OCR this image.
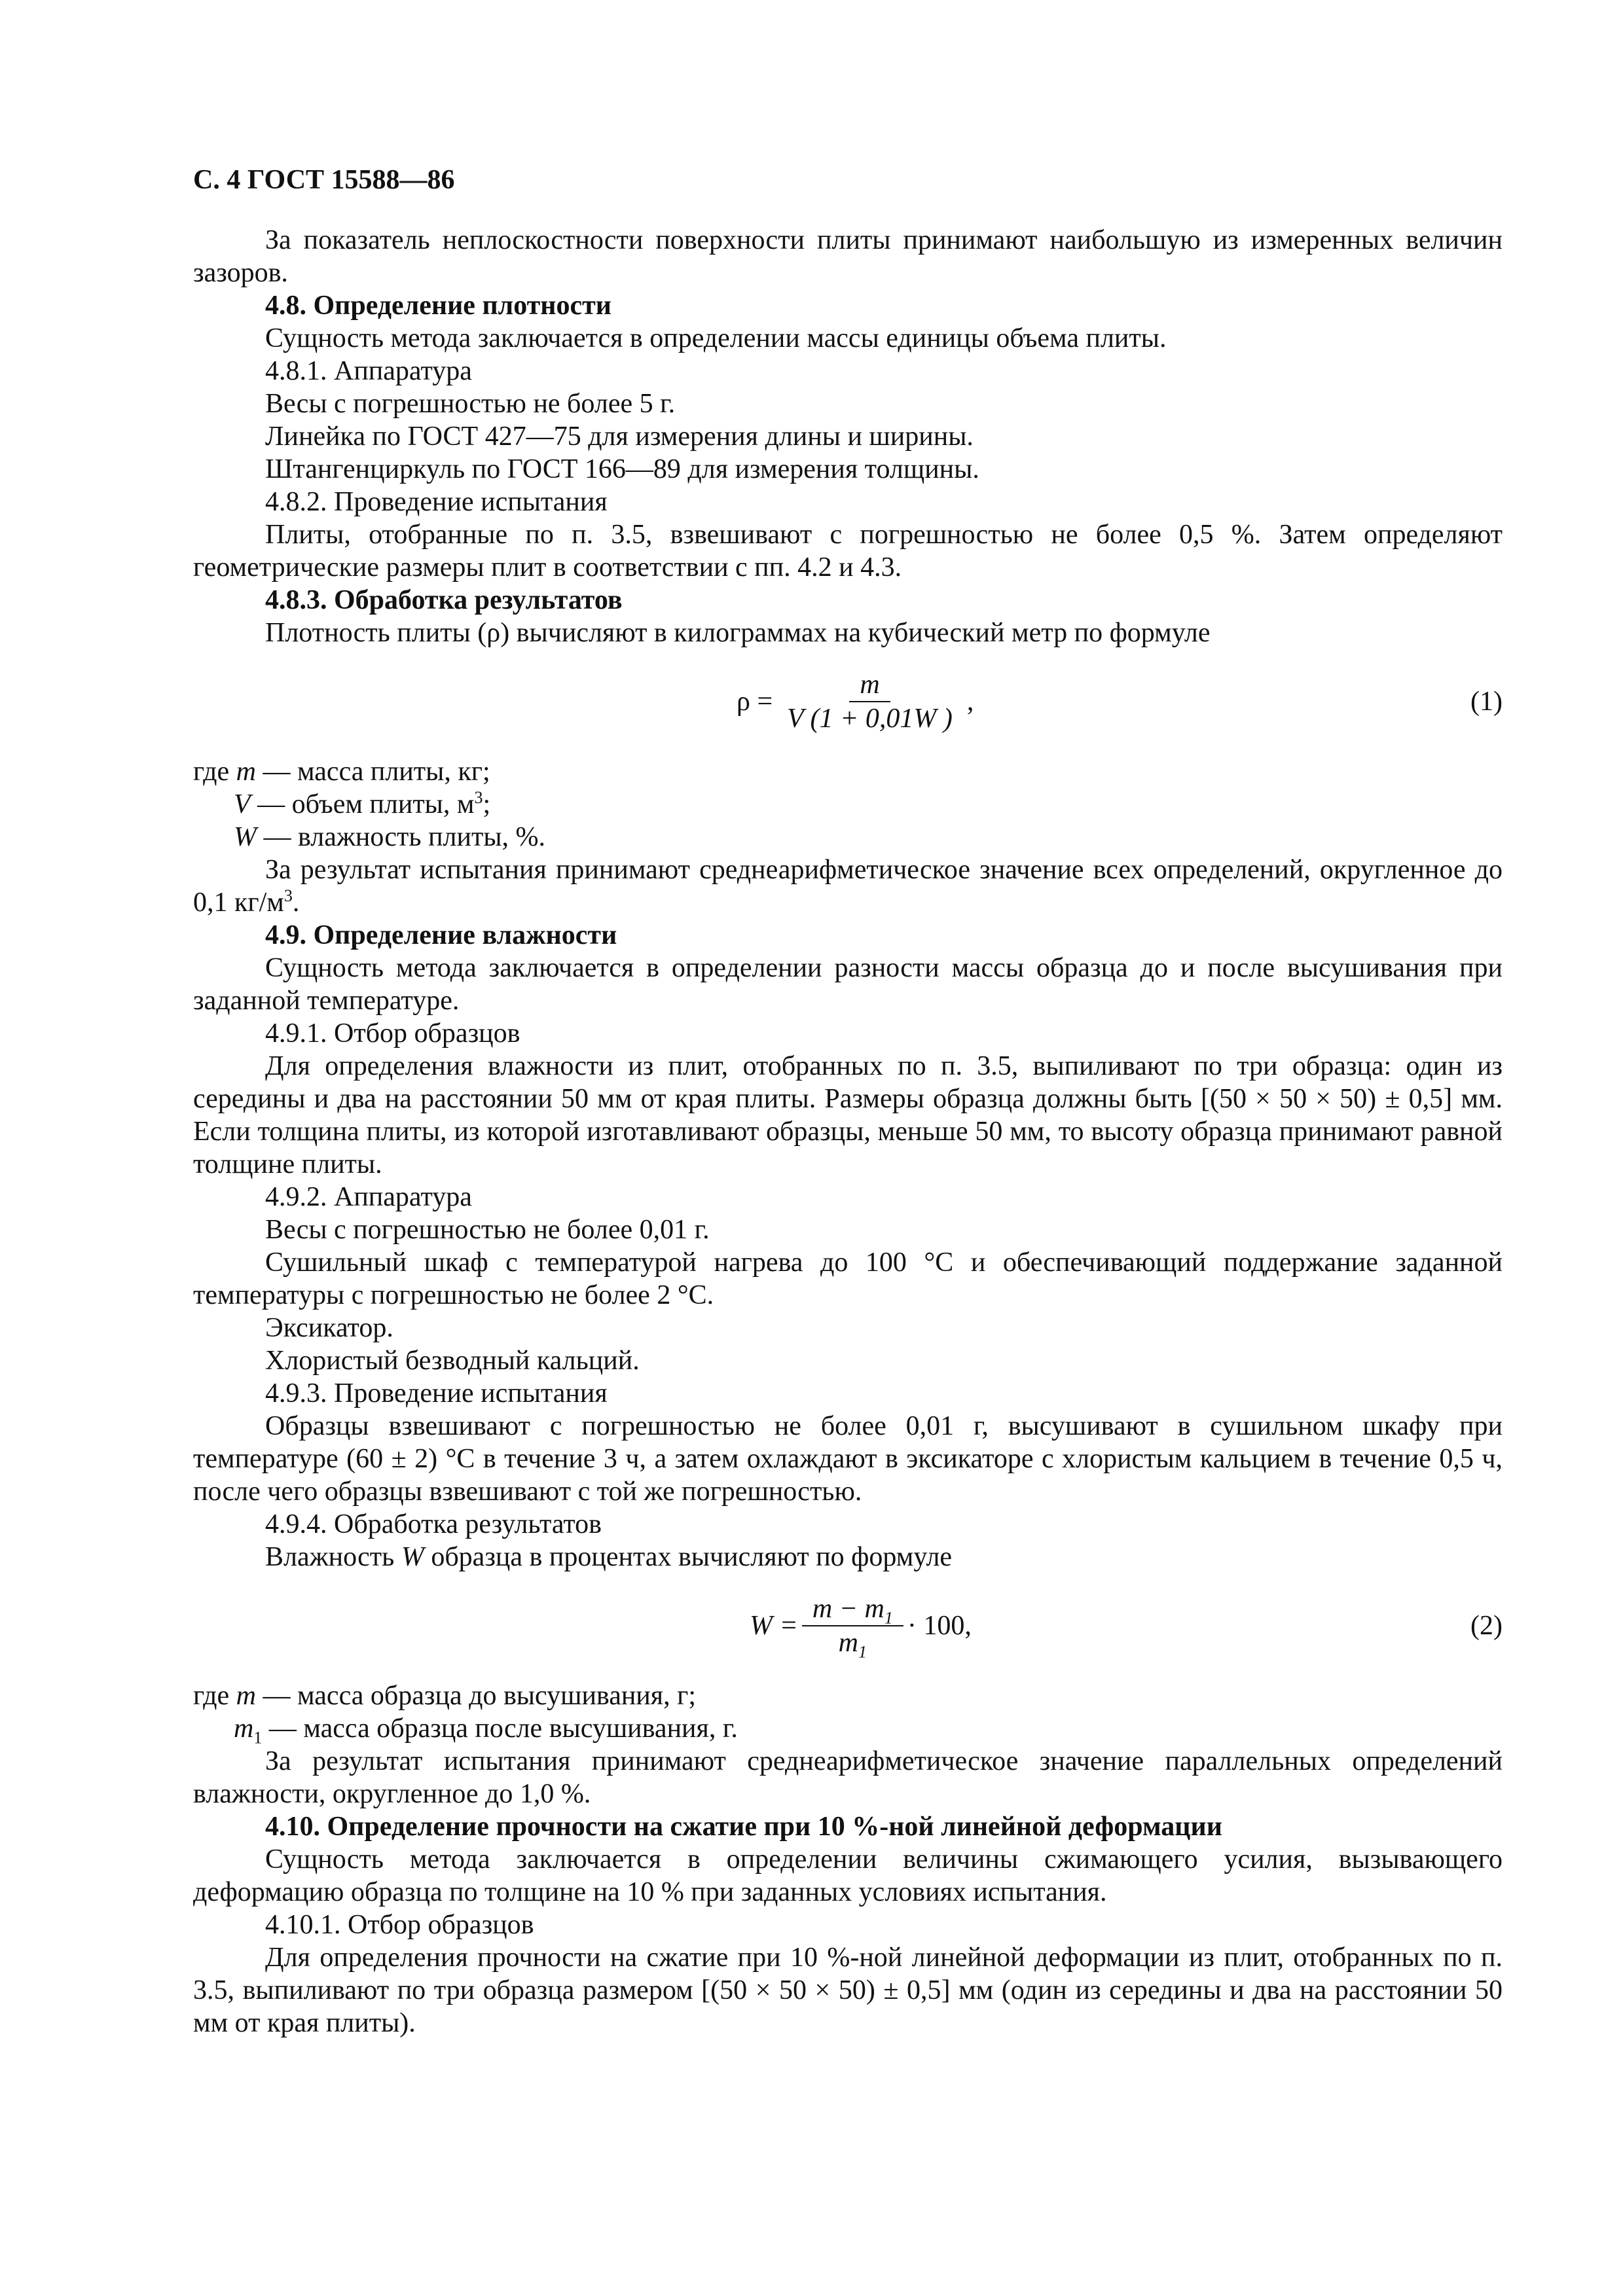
С. 4 ГОСТ 15588—86

За показатель неплоскостности поверхности плиты принимают наибольшую из измеренных величин зазоров.

4.8. Определение плотности

Сущность метода заключается в определении массы единицы объема плиты.

4.8.1. Аппаратура

Весы с погрешностью не более 5 г.

Линейка по ГОСТ 427—75 для измерения длины и ширины.

Штангенциркуль по ГОСТ 166—89 для измерения толщины.

4.8.2. Проведение испытания

Плиты, отобранные по п. 3.5, взвешивают с погрешностью не более 0,5 %. Затем определяют геометрические размеры плит в соответствии с пп. 4.2 и 4.3.

4.8.3. Обработка результатов

Плотность плиты (ρ) вычисляют в килограммах на кубический метр по формуле

$\rho = \frac{m}{V (1 + 0,01W )}$ ,	(1)

где m — масса плиты, кг;

V — объем плиты, $м^3$;

W — влажность плиты, %.

За результат испытания принимают среднеарифметическое значение всех определений, округленное до 0,1 $кг/м^3$.

4.9. Определение влажности

Сущность метода заключается в определении разности массы образца до и после высушивания при заданной температуре.

4.9.1. Отбор образцов

Для определения влажности из плит, отобранных по п. 3.5, выпиливают по три образца: один из середины и два на расстоянии 50 мм от края плиты. Размеры образца должны быть [(50 × 50 × 50) ± 0,5] мм. Если толщина плиты, из которой изготавливают образцы, меньше 50 мм, то высоту образца принимают равной толщине плиты.

4.9.2. Аппаратура

Весы с погрешностью не более 0,01 г.

Сушильный шкаф с температурой нагрева до 100 °С и обеспечивающий поддержание заданной температуры с погрешностью не более 2 °С.

Эксикатор.

Хлористый безводный кальций.

4.9.3. Проведение испытания

Образцы взвешивают с погрешностью не более 0,01 г, высушивают в сушильном шкафу при температуре (60 ± 2) °С в течение 3 ч, а затем охлаждают в эксикаторе с хлористым кальцием в течение 0,5 ч, после чего образцы взвешивают с той же погрешностью.

4.9.4. Обработка результатов

Влажность W образца в процентах вычисляют по формуле

$W = \frac{m - m_1}{m_1} \cdot 100$,	(2)

где m — масса образца до высушивания, г;

$m_1$ — масса образца после высушивания, г.

За результат испытания принимают среднеарифметическое значение параллельных определений влажности, округленное до 1,0 %.

4.10. Определение прочности на сжатие при 10 %-ной линейной деформации

Сущность метода заключается в определении величины сжимающего усилия, вызывающего деформацию образца по толщине на 10 % при заданных условиях испытания.

4.10.1. Отбор образцов

Для определения прочности на сжатие при 10 %-ной линейной деформации из плит, отобранных по п. 3.5, выпиливают по три образца размером [(50 × 50 × 50) ± 0,5] мм (один из середины и два на расстоянии 50 мм от края плиты).
